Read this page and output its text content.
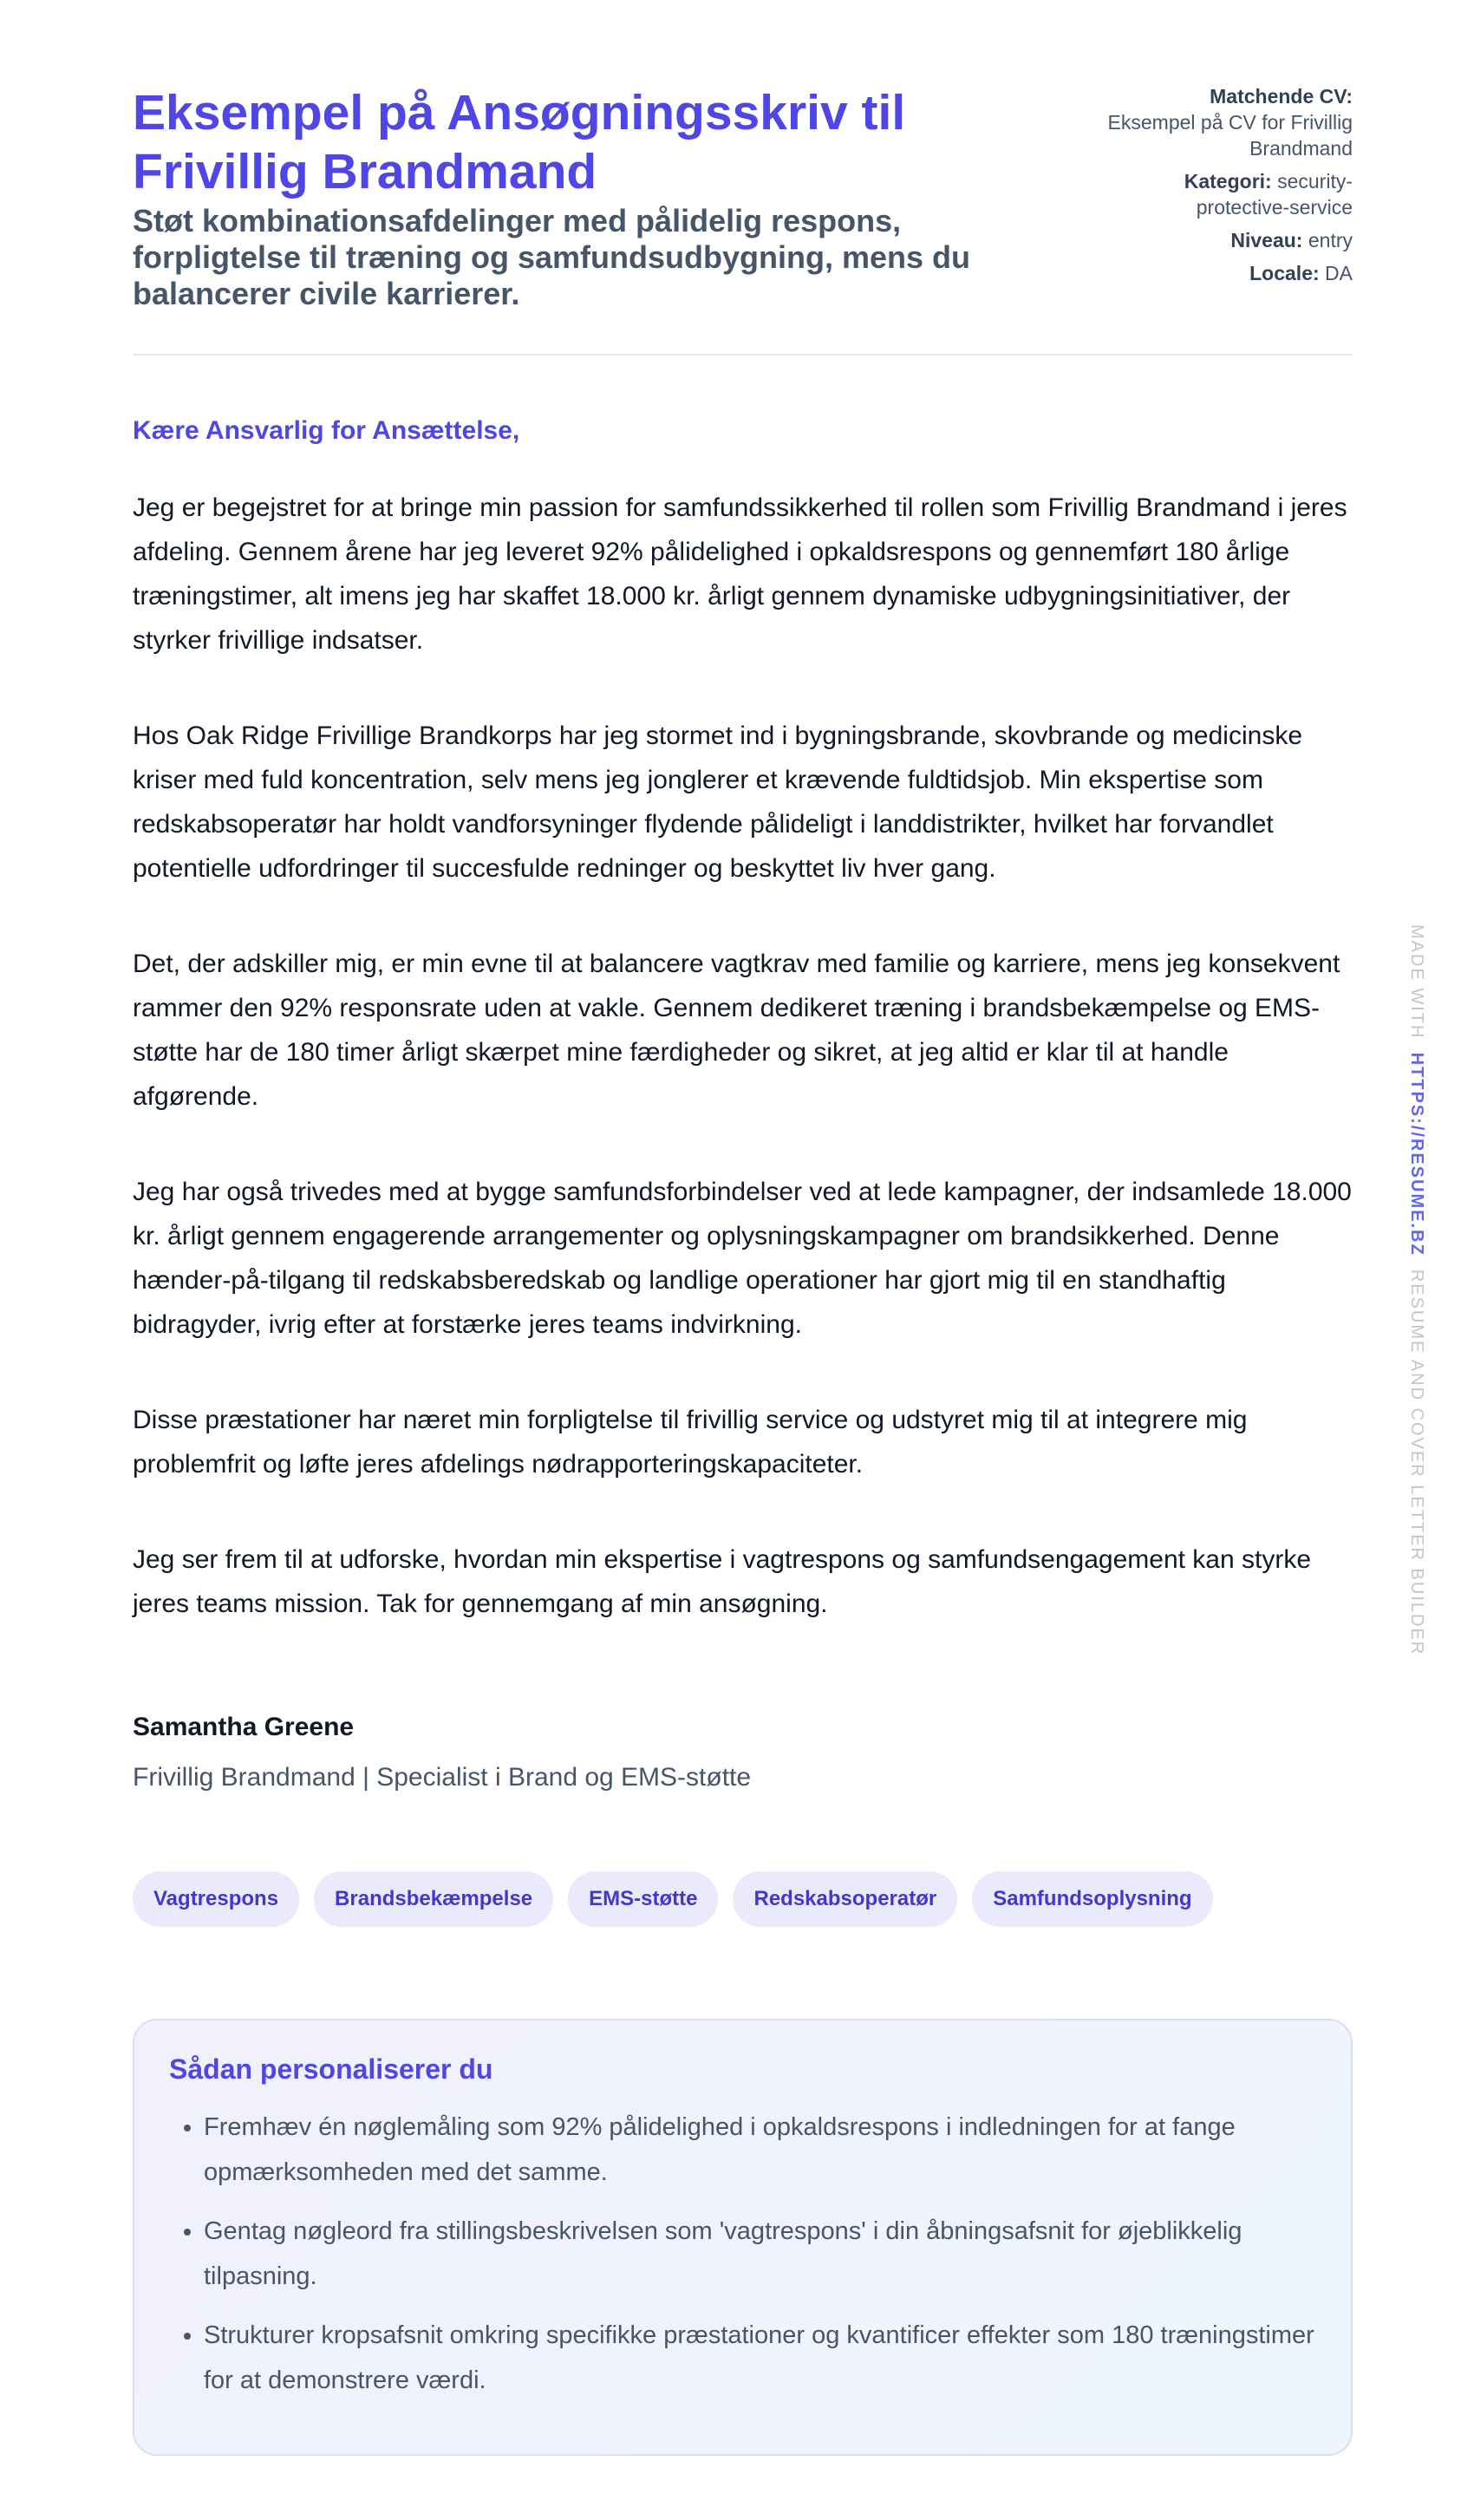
Eksempel på Ansøgningsskriv til Frivillig Brandmand
Støt kombinationsafdelinger med pålidelig respons, forpligtelse til træning og samfundsudbygning, mens du balancerer civile karrierer.
Matchende CV:
Eksempel på CV for Frivillig Brandmand
Kategori: security-protective-service
Niveau: entry
Locale: DA
Kære Ansvarlig for Ansættelse,

Jeg er begejstret for at bringe min passion for samfundssikkerhed til rollen som Frivillig Brandmand i jeres afdeling. Gennem årene har jeg leveret 92% pålidelighed i opkaldsrespons og gennemført 180 årlige træningstimer, alt imens jeg har skaffet 18.000 kr. årligt gennem dynamiske udbygningsinitiativer, der styrker frivillige indsatser.

Hos Oak Ridge Frivillige Brandkorps har jeg stormet ind i bygningsbrande, skovbrande og medicinske kriser med fuld koncentration, selv mens jeg jonglerer et krævende fuldtidsjob. Min ekspertise som redskabsoperatør har holdt vandforsyninger flydende pålideligt i landdistrikter, hvilket har forvandlet potentielle udfordringer til succesfulde redninger og beskyttet liv hver gang.

Det, der adskiller mig, er min evne til at balancere vagtkrav med familie og karriere, mens jeg konsekvent rammer den 92% responsrate uden at vakle. Gennem dedikeret træning i brandsbekæmpelse og EMS-støtte har de 180 timer årligt skærpet mine færdigheder og sikret, at jeg altid er klar til at handle afgørende.

Jeg har også trivedes med at bygge samfundsforbindelser ved at lede kampagner, der indsamlede 18.000 kr. årligt gennem engagerende arrangementer og oplysningskampagner om brandsikkerhed. Denne hænder-på-tilgang til redskabsberedskab og landlige operationer har gjort mig til en standhaftig bidragyder, ivrig efter at forstærke jeres teams indvirkning.

Disse præstationer har næret min forpligtelse til frivillig service og udstyret mig til at integrere mig problemfrit og løfte jeres afdelings nødrapporteringskapaciteter.

Jeg ser frem til at udforske, hvordan min ekspertise i vagtrespons og samfundsengagement kan styrke jeres teams mission. Tak for gennemgang af min ansøgning.

Samantha Greene
Frivillig Brandmand | Specialist i Brand og EMS-støtte
Vagtrespons	Brandsbekæmpelse	EMS-støtte	Redskabsoperatør	Samfundsoplysning
Sådan personaliserer du
• Fremhæv én nøglemåling som 92% pålidelighed i opkaldsrespons i indledningen for at fange opmærksomheden med det samme.
• Gentag nøgleord fra stillingsbeskrivelsen som 'vagtrespons' i din åbningsafsnit for øjeblikkelig tilpasning.
• Strukturer kropsafsnit omkring specifikke præstationer og kvantificer effekter som 180 træningstimer for at demonstrere værdi.
MADE WITH  HTTPS://RESUME.BZ  RESUME AND COVER LETTER BUILDER
